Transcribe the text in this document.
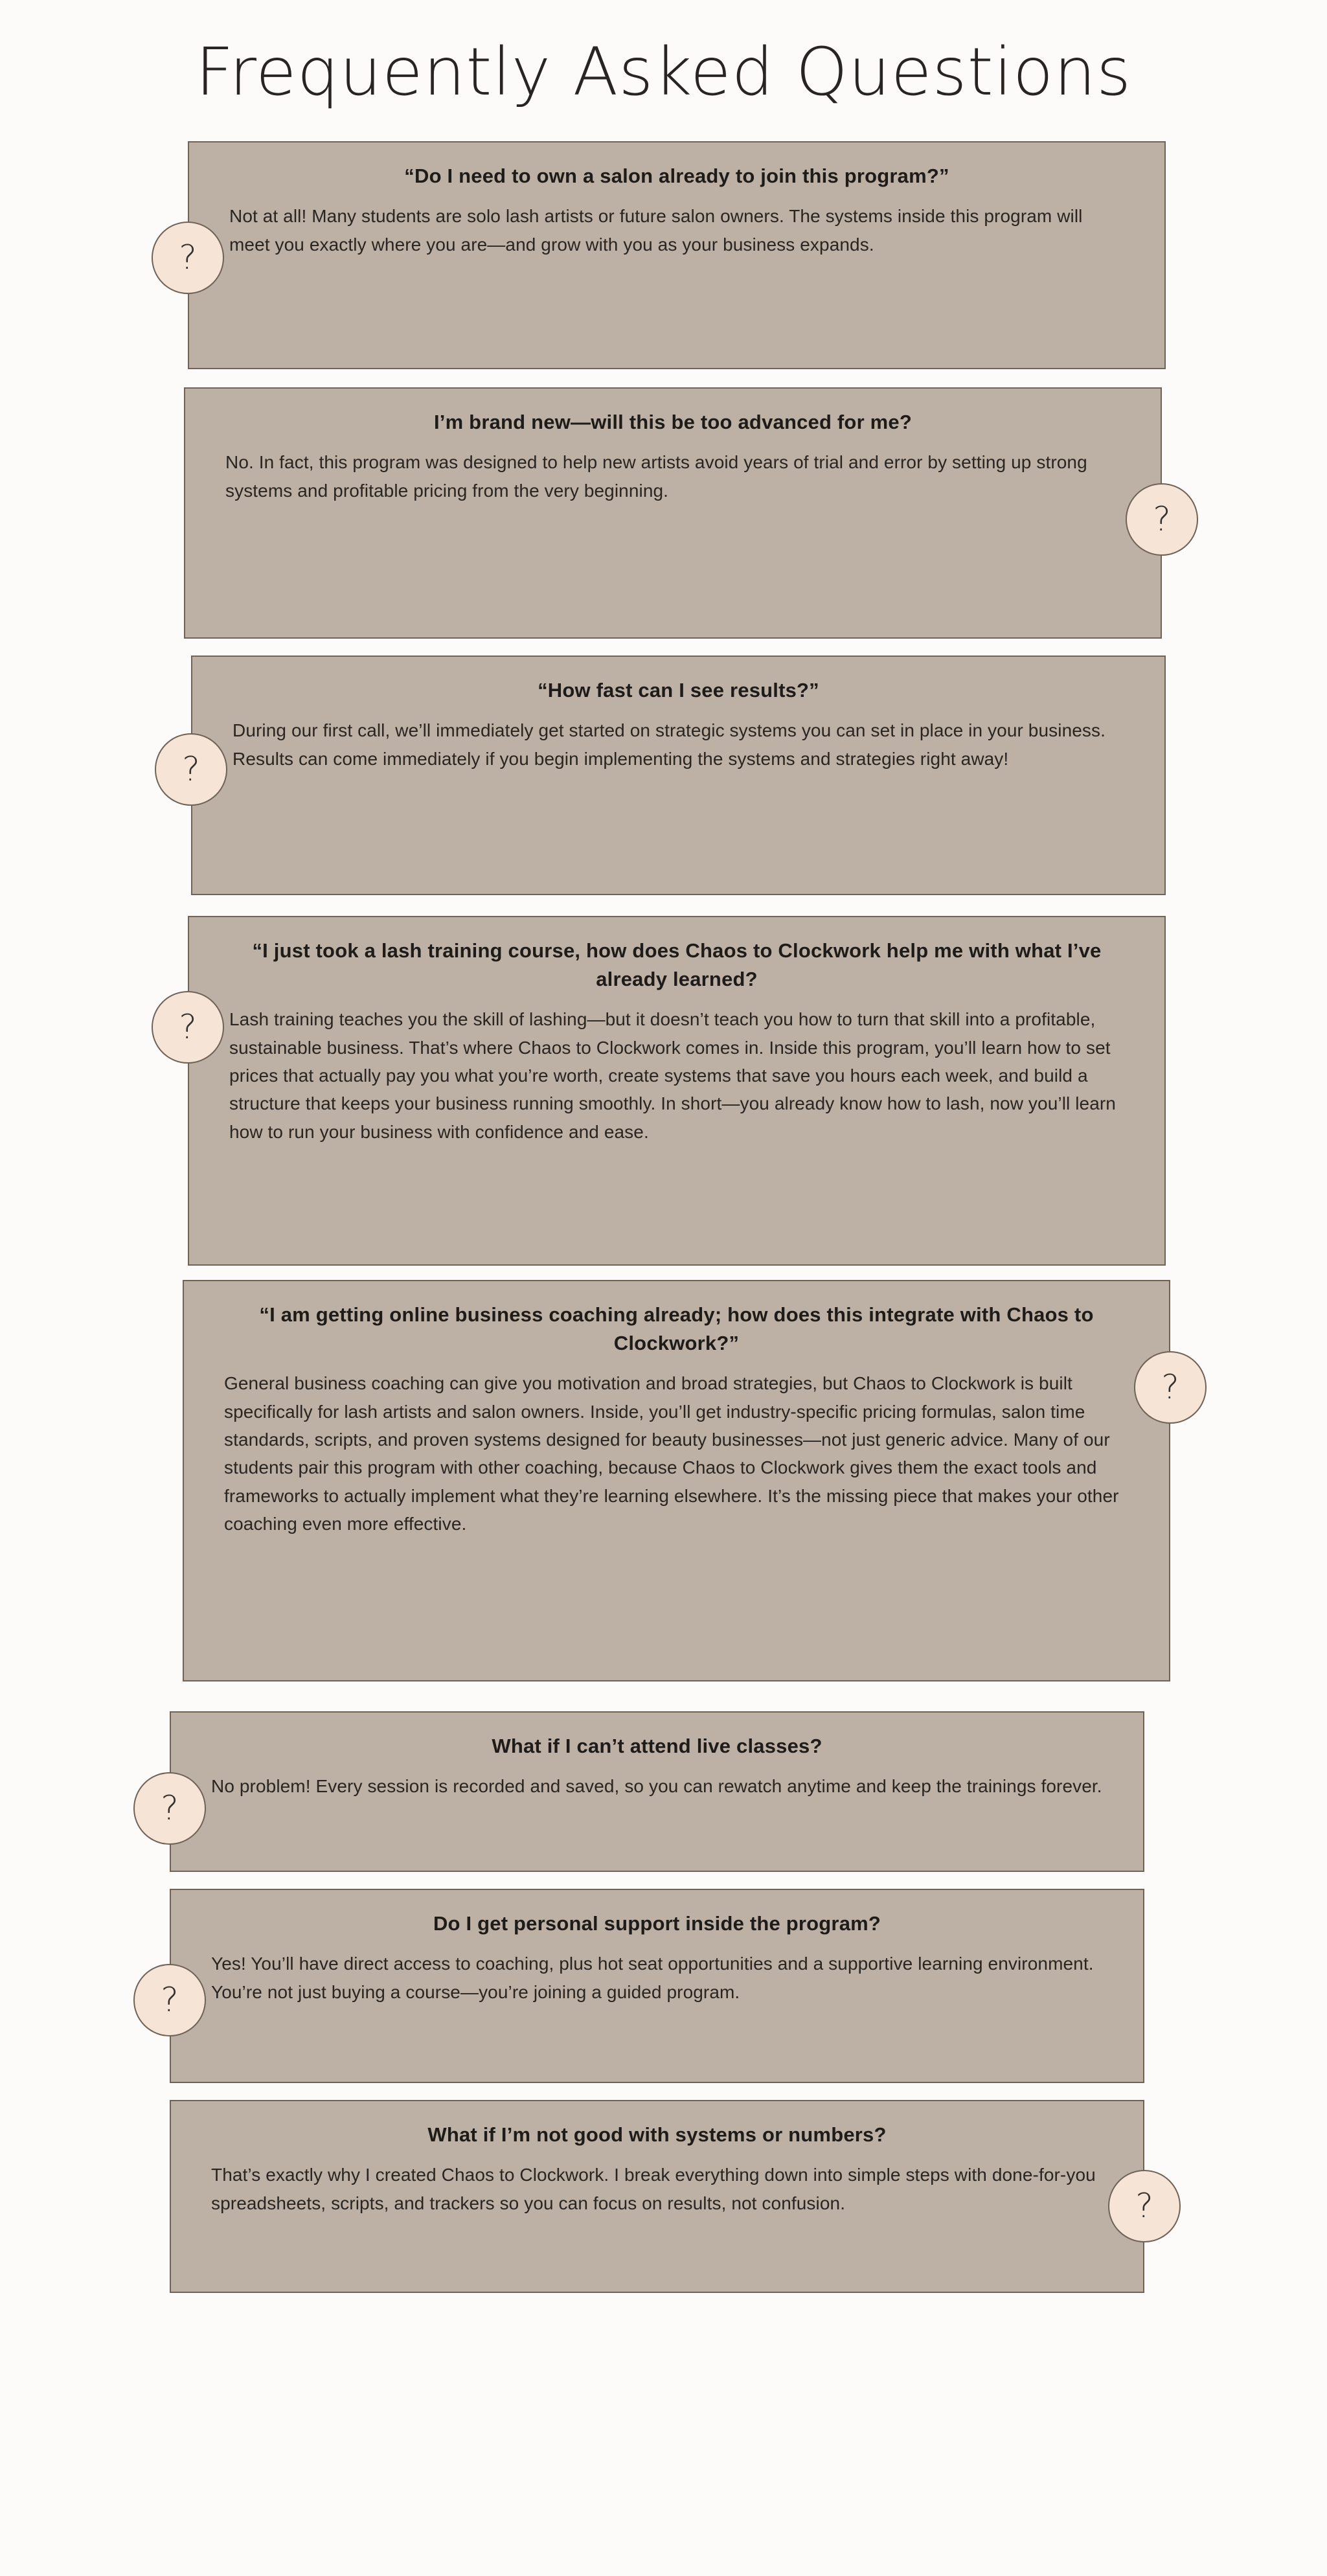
Frequently Asked Questions
?

“Do I need to own a salon already to join this program?”

Not at all! Many students are solo lash artists or future salon owners. The systems inside this program will meet you exactly where you are—and grow with you as your business expands.

?

I’m brand new—will this be too advanced for me?

No. In fact, this program was designed to help new artists avoid years of trial and error by setting up strong systems and profitable pricing from the very beginning.

?

“How fast can I see results?”

During our first call, we’ll immediately get started on strategic systems you can set in place in your business. Results can come immediately if you begin implementing the systems and strategies right away!

?

“I just took a lash training course, how does Chaos to Clockwork help me with what I’ve already learned?

Lash training teaches you the skill of lashing—but it doesn’t teach you how to turn that skill into a profitable, sustainable business. That’s where Chaos to Clockwork comes in. Inside this program, you’ll learn how to set prices that actually pay you what you’re worth, create systems that save you hours each week, and build a structure that keeps your business running smoothly. In short—you already know how to lash, now you’ll learn how to run your business with confidence and ease.

?

“I am getting online business coaching already; how does this integrate with Chaos to Clockwork?”

General business coaching can give you motivation and broad strategies, but Chaos to Clockwork is built specifically for lash artists and salon owners. Inside, you’ll get industry-specific pricing formulas, salon time standards, scripts, and proven systems designed for beauty businesses—not just generic advice. Many of our students pair this program with other coaching, because Chaos to Clockwork gives them the exact tools and frameworks to actually implement what they’re learning elsewhere. It’s the missing piece that makes your other coaching even more effective.

?

What if I can’t attend live classes?

No problem! Every session is recorded and saved, so you can rewatch anytime and keep the trainings forever.

?

Do I get personal support inside the program?

Yes! You’ll have direct access to coaching, plus hot seat opportunities and a supportive learning environment. You’re not just buying a course—you’re joining a guided program.

?

What if I’m not good with systems or numbers?

That’s exactly why I created Chaos to Clockwork. I break everything down into simple steps with done-for-you spreadsheets, scripts, and trackers so you can focus on results, not confusion.
